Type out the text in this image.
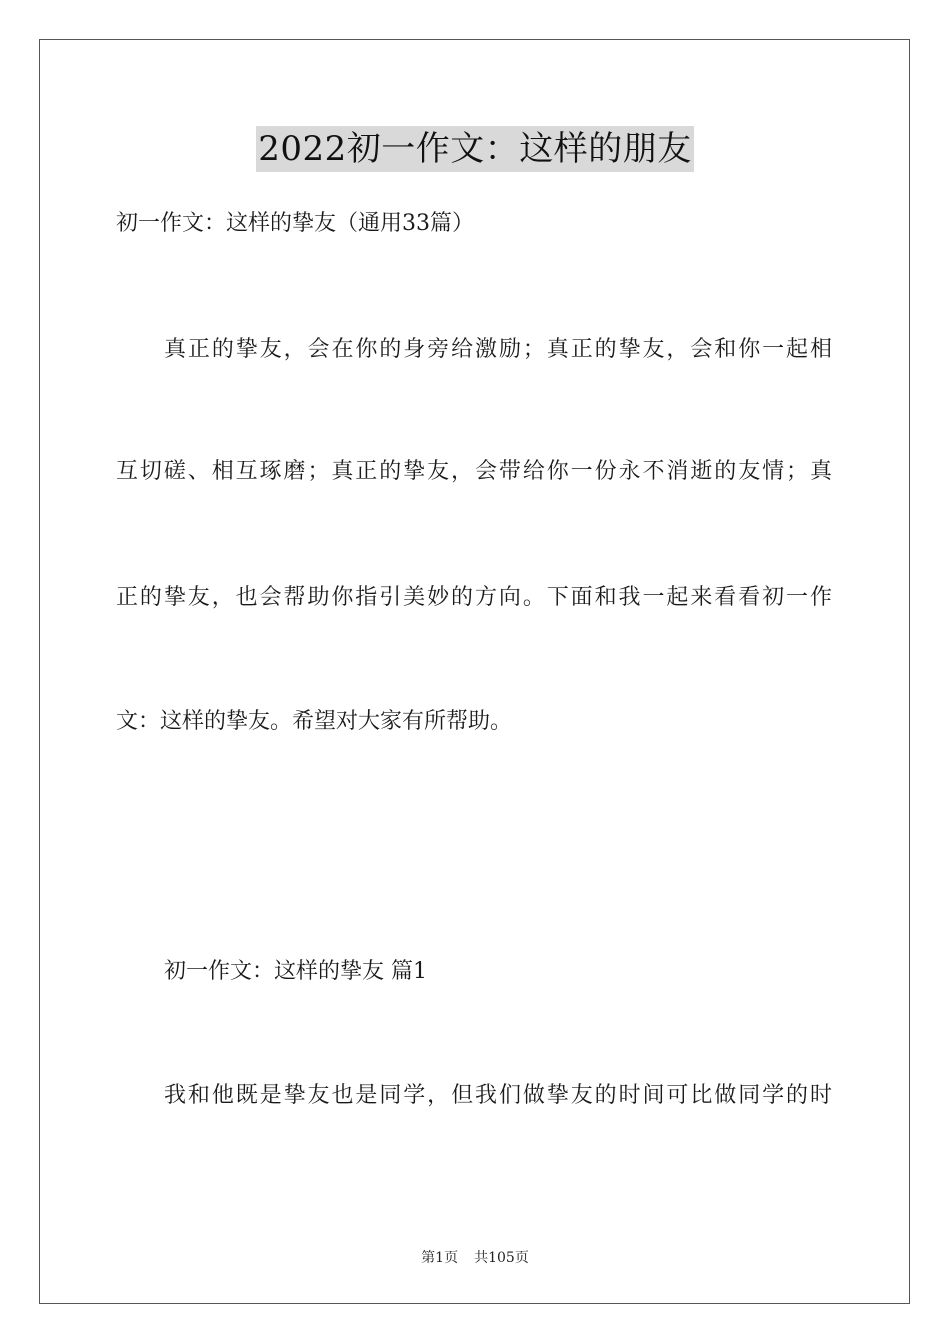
2022初一作文：这样的朋友
初一作文：这样的挚友（通用33篇）
真正的挚友，会在你的身旁给激励；真正的挚友，会和你一起相
互切磋、相互琢磨；真正的挚友，会带给你一份永不消逝的友情；真
正的挚友，也会帮助你指引美妙的方向。下面和我一起来看看初一作
文：这样的挚友。希望对大家有所帮助。
初一作文：这样的挚友 篇1
我和他既是挚友也是同学，但我们做挚友的时间可比做同学的时
第1页 共105页
